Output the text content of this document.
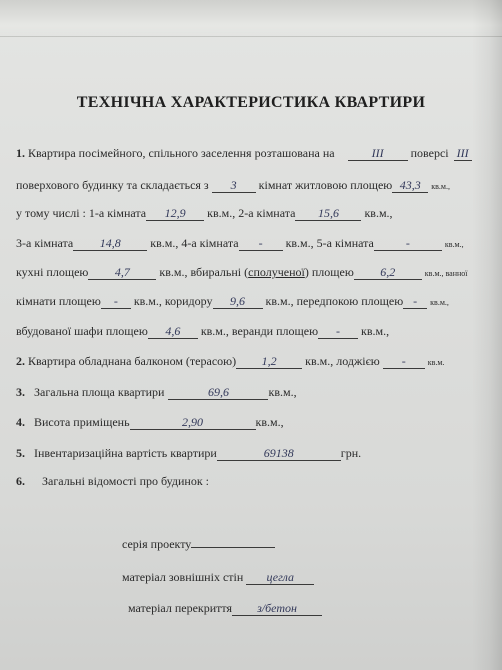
ТЕХНІЧНА ХАРАКТЕРИСТИКА КВАРТИРИ
1. Квартира посімейного, спільного заселення розташована на	III поверсі III
поверхового будинку та складається з 3 кімнат житловою площею 43,3 кв.м.,
у тому числі : 1-а кімната 12,9 кв.м., 2-а кімната 15,6 кв.м.,
3-а кімната 14,8 кв.м., 4-а кімната - кв.м., 5-а кімната	-	кв.м.,
кухні площею 4,7 кв.м., вбиральні (сполученої) площею 6,2	кв.м., ванної
кімнати площею - кв.м., коридору 9,6 кв.м., передпокою площею - кв.м.,
вбудованої шафи площею 4,6 кв.м., веранди площею - кв.м.,
2. Квартира обладнана балконом (терасою) 1,2 кв.м., лоджією -	кв.м.
3. Загальна площа квартири	69,6	кв.м.,
4. Висота приміщень	2,90	кв.м.,
5. Інвентаризаційна вартість квартири	69138	грн.
6. Загальні відомості про будинок :
серія проекту
матеріал зовнішніх стін цегла
матеріал перекриття з/бетон
